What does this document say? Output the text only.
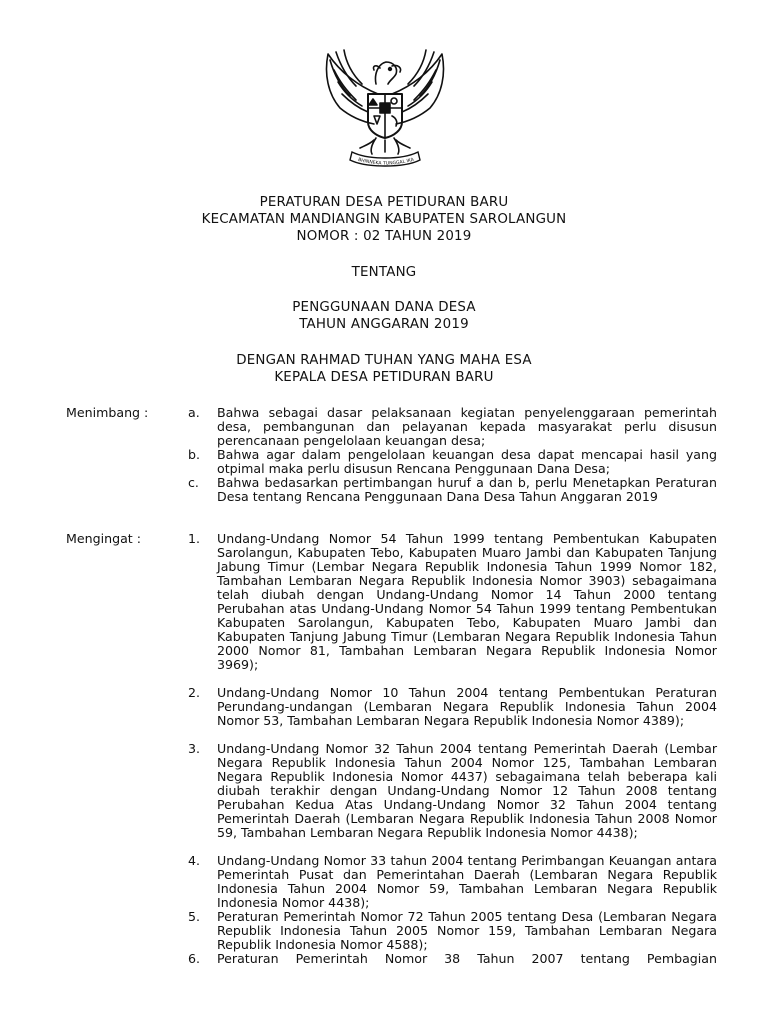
BHINNEKA TUNGGAL IKA
PERATURAN DESA PETIDURAN BARU
KECAMATAN MANDIANGIN KABUPATEN SAROLANGUN
NOMOR : 02 TAHUN 2019
TENTANG
PENGGUNAAN DANA DESA
TAHUN ANGGARAN 2019
DENGAN RAHMAD TUHAN YANG MAHA ESA
KEPALA DESA PETIDURAN BARU
Menimbang :	a. Bahwa sebagai dasar pelaksanaan kegiatan penyelenggaraan pemerintah desa, pembangunan dan pelayanan kepada masyarakat perlu disusun perencanaan pengelolaan keuangan desa;
b. Bahwa agar dalam pengelolaan keuangan desa dapat mencapai hasil yang otpimal maka perlu disusun Rencana Penggunaan Dana Desa;
c. Bahwa bedasarkan pertimbangan huruf a dan b, perlu Menetapkan Peraturan Desa tentang Rencana Penggunaan Dana Desa Tahun Anggaran 2019
Mengingat :	1. Undang-Undang Nomor 54 Tahun 1999 tentang Pembentukan Kabupaten Sarolangun, Kabupaten Tebo, Kabupaten Muaro Jambi dan Kabupaten Tanjung Jabung Timur (Lembar Negara Republik Indonesia Tahun 1999 Nomor 182, Tambahan Lembaran Negara Republik Indonesia Nomor 3903) sebagaimana telah diubah dengan Undang-Undang Nomor 14 Tahun 2000 tentang Perubahan atas Undang-Undang Nomor 54 Tahun 1999 tentang Pembentukan Kabupaten Sarolangun, Kabupaten Tebo, Kabupaten Muaro Jambi dan Kabupaten Tanjung Jabung Timur (Lembaran Negara Republik Indonesia Tahun 2000 Nomor 81, Tambahan Lembaran Negara Republik Indonesia Nomor 3969);
2. Undang-Undang Nomor 10 Tahun 2004 tentang Pembentukan Peraturan Perundang-undangan (Lembaran Negara Republik Indonesia Tahun 2004 Nomor 53, Tambahan Lembaran Negara Republik Indonesia Nomor 4389);
3. Undang-Undang Nomor 32 Tahun 2004 tentang Pemerintah Daerah (Lembar Negara Republik Indonesia Tahun 2004 Nomor 125, Tambahan Lembaran Negara Republik Indonesia Nomor 4437) sebagaimana telah beberapa kali diubah terakhir dengan Undang-Undang Nomor 12 Tahun 2008 tentang Perubahan Kedua Atas Undang-Undang Nomor 32 Tahun 2004 tentang Pemerintah Daerah (Lembaran Negara Republik Indonesia Tahun 2008 Nomor 59, Tambahan Lembaran Negara Republik Indonesia Nomor 4438);
4. Undang-Undang Nomor 33 tahun 2004 tentang Perimbangan Keuangan antara Pemerintah Pusat dan Pemerintahan Daerah (Lembaran Negara Republik Indonesia Tahun 2004 Nomor 59, Tambahan Lembaran Negara Republik Indonesia Nomor 4438);
5. Peraturan Pemerintah Nomor 72 Tahun 2005 tentang Desa (Lembaran Negara Republik Indonesia Tahun 2005 Nomor 159, Tambahan Lembaran Negara Republik Indonesia Nomor 4588);
6. Peraturan Pemerintah Nomor 38 Tahun 2007 tentang Pembagian
